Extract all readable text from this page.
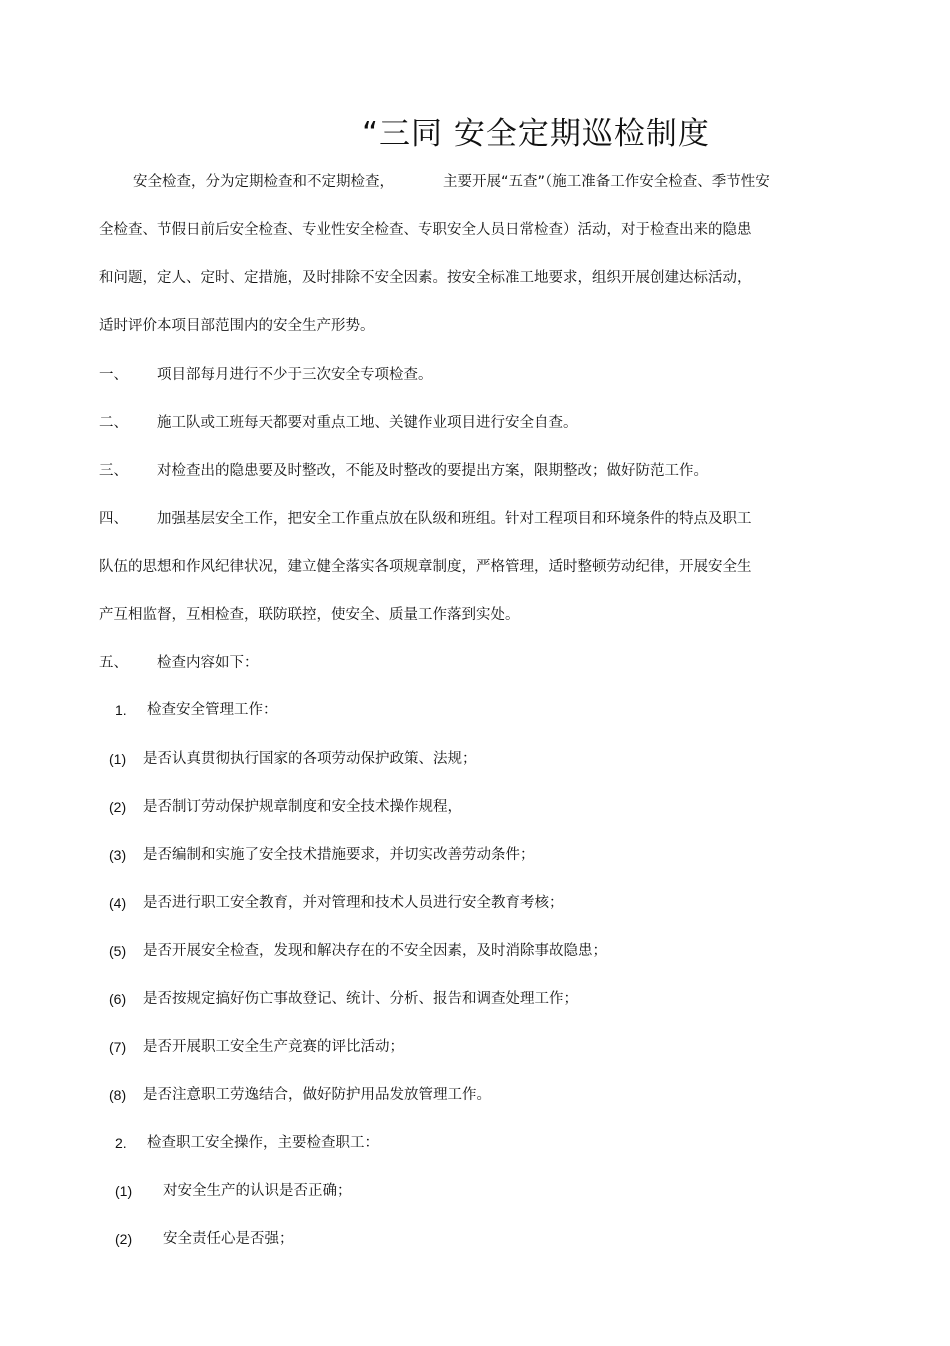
“三同 安全定期巡检制度
安全检查，分为定期检查和不定期检查，	主要开展“五查”（施工准备工作安全检查、季节性安
全检查、节假日前后安全检查、专业性安全检查、专职安全人员日常检查）活动，对于检查出来的隐患
和问题，定人、定时、定措施，及时排除不安全因素。按安全标准工地要求，组织开展创建达标活动，
适时评价本项目部范围内的安全生产形势。
一、 项目部每月进行不少于三次安全专项检查。
二、 施工队或工班每天都要对重点工地、关键作业项目进行安全自查。
三、 对检查出的隐患要及时整改，不能及时整改的要提出方案，限期整改；做好防范工作。
四、 加强基层安全工作，把安全工作重点放在队级和班组。针对工程项目和环境条件的特点及职工
队伍的思想和作风纪律状况，建立健全落实各项规章制度，严格管理，适时整顿劳动纪律，开展安全生
产互相监督，互相检查，联防联控，使安全、质量工作落到实处。
五、 检查内容如下：
1. 检查安全管理工作：
(1) 是否认真贯彻执行国家的各项劳动保护政策、法规；
(2) 是否制订劳动保护规章制度和安全技术操作规程，
(3) 是否编制和实施了安全技术措施要求，并切实改善劳动条件；
(4) 是否进行职工安全教育，并对管理和技术人员进行安全教育考核；
(5) 是否开展安全检查，发现和解决存在的不安全因素，及时消除事故隐患；
(6) 是否按规定搞好伤亡事故登记、统计、分析、报告和调查处理工作；
(7) 是否开展职工安全生产竞赛的评比活动；
(8) 是否注意职工劳逸结合，做好防护用品发放管理工作。
2. 检查职工安全操作，主要检查职工：
(1) 对安全生产的认识是否正确；
(2) 安全责任心是否强；
